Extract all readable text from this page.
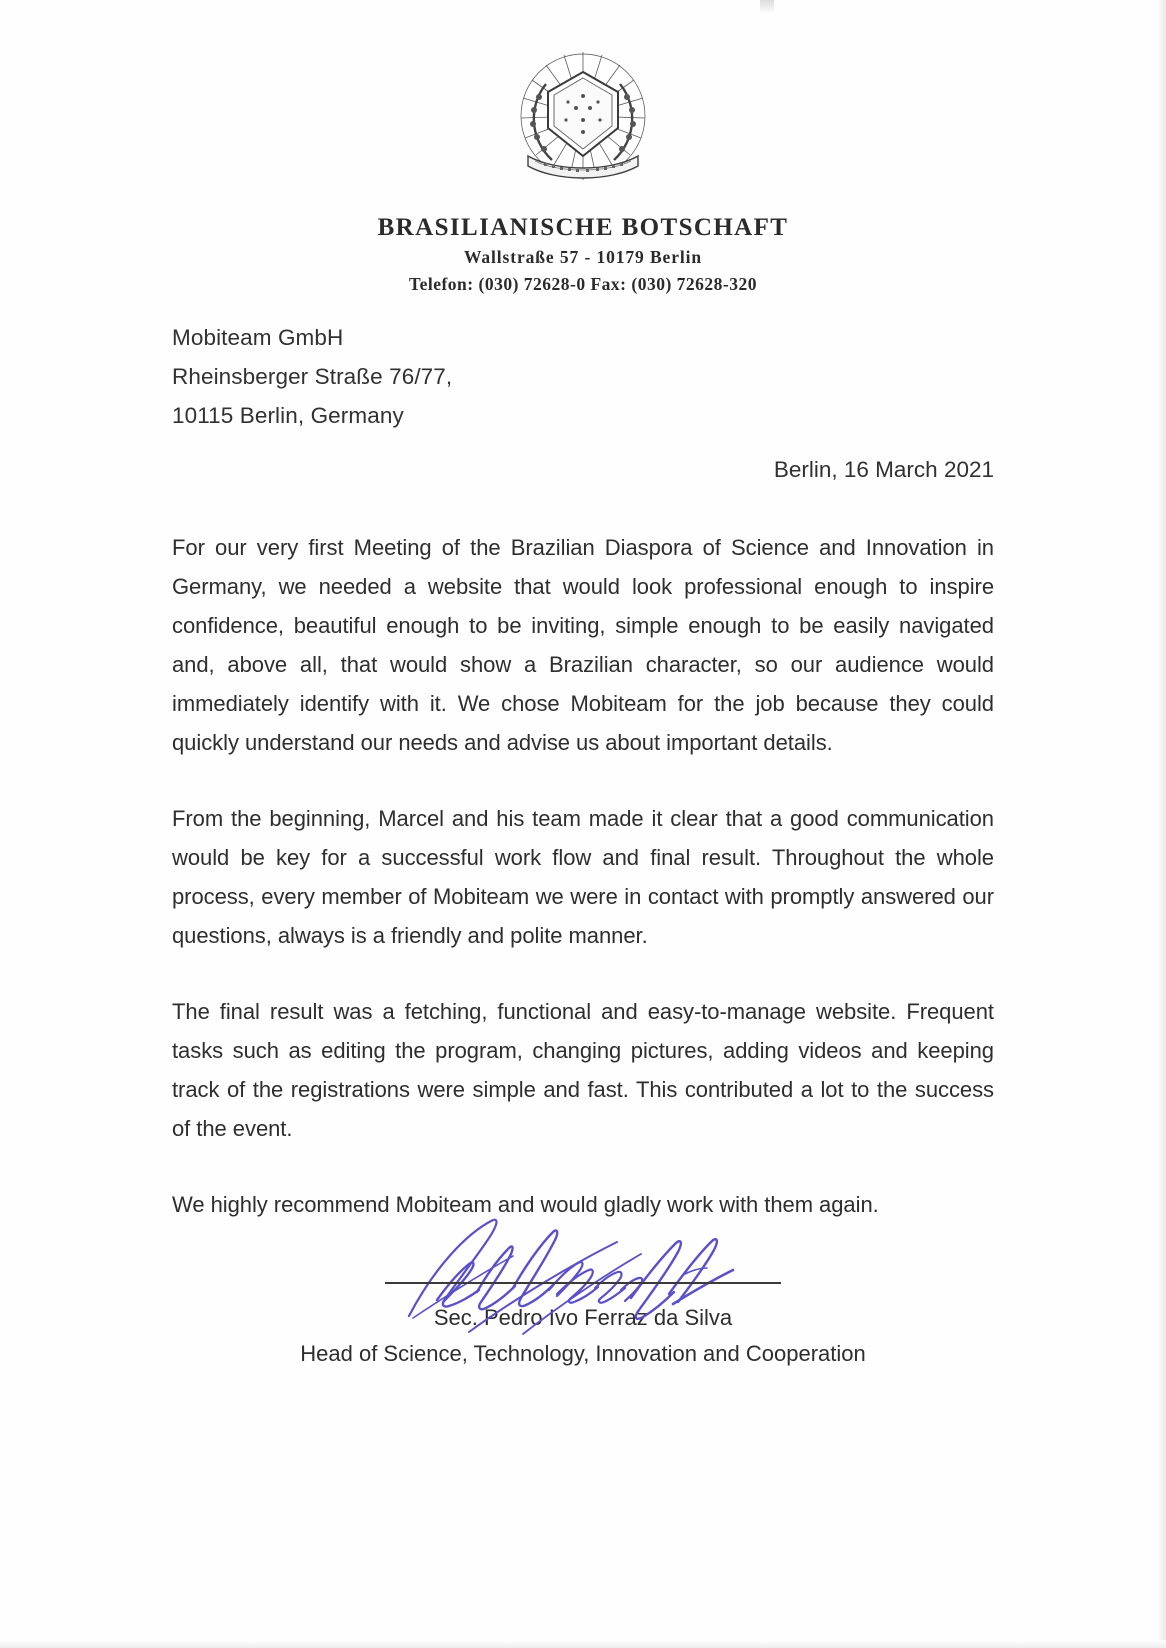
BRASILIANISCHE BOTSCHAFT
Wallstraße 57 - 10179 Berlin
Telefon: (030) 72628-0 Fax: (030) 72628-320
Mobiteam GmbH
Rheinsberger Straße 76/77,
10115 Berlin, Germany
Berlin, 16 March 2021

For our very first Meeting of the Brazilian Diaspora of Science and Innovation in Germany, we needed a website that would look professional enough to inspire confidence, beautiful enough to be inviting, simple enough to be easily navigated and, above all, that would show a Brazilian character, so our audience would immediately identify with it. We chose Mobiteam for the job because they could quickly understand our needs and advise us about important details.

From the beginning, Marcel and his team made it clear that a good communication would be key for a successful work flow and final result. Throughout the whole process, every member of Mobiteam we were in contact with promptly answered our questions, always is a friendly and polite manner.

The final result was a fetching, functional and easy-to-manage website. Frequent tasks such as editing the program, changing pictures, adding videos and keeping track of the registrations were simple and fast. This contributed a lot to the success of the event.

We highly recommend Mobiteam and would gladly work with them again.

Sec. Pedro Ivo Ferraz da Silva
Head of Science, Technology, Innovation and Cooperation
